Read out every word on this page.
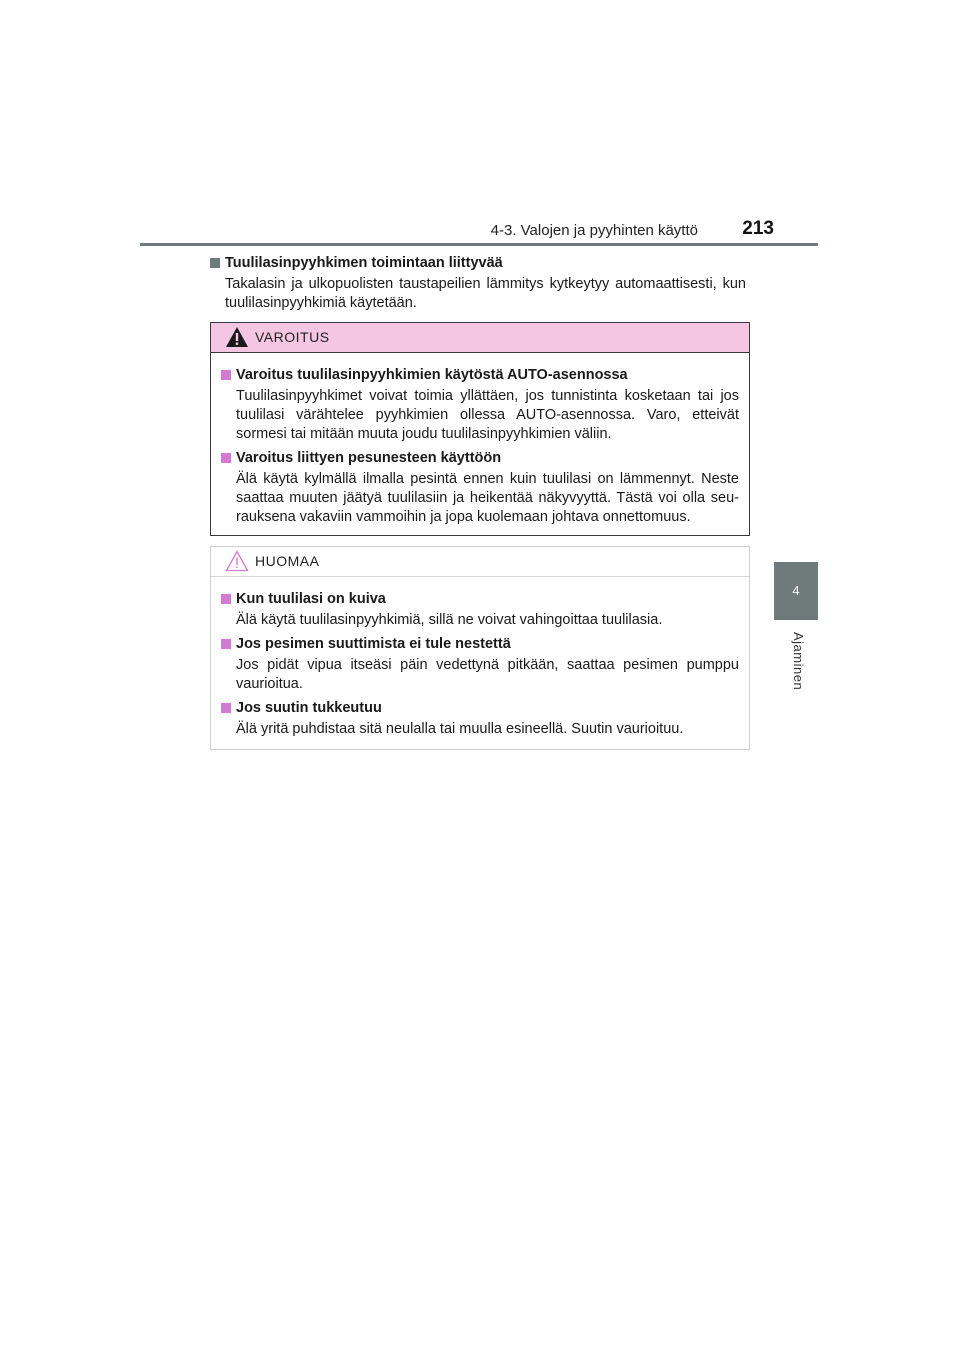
4-3. Valojen ja pyyhinten käyttö 213
4
Ajaminen

Tuulilasinpyyhkimen toimintaan liittyvää

Takalasin ja ulkopuolisten taustapeilien lämmitys kytkeytyy automaattisesti, kun tuulilasinpyyhkimiä käytetään.

VAROITUS

Varoitus tuulilasinpyyhkimien käytöstä AUTO-asennossa

Tuulilasinpyyhkimet voivat toimia yllättäen, jos tunnistinta kosketaan tai jos tuulilasi värähtelee pyyhkimien ollessa AUTO-asennossa. Varo, etteivät sormesi tai mitään muuta joudu tuulilasinpyyhkimien väliin.

Varoitus liittyen pesunesteen käyttöön

Älä käytä kylmällä ilmalla pesintä ennen kuin tuulilasi on lämmennyt. Neste saattaa muuten jäätyä tuulilasiin ja heikentää näkyvyyttä. Tästä voi olla seu-rauksena vakaviin vammoihin ja jopa kuolemaan johtava onnettomuus.

HUOMAA

Kun tuulilasi on kuiva

Älä käytä tuulilasinpyyhkimiä, sillä ne voivat vahingoittaa tuulilasia.

Jos pesimen suuttimista ei tule nestettä

Jos pidät vipua itseäsi päin vedettynä pitkään, saattaa pesimen pumppu vaurioitua.

Jos suutin tukkeutuu

Älä yritä puhdistaa sitä neulalla tai muulla esineellä. Suutin vaurioituu.
